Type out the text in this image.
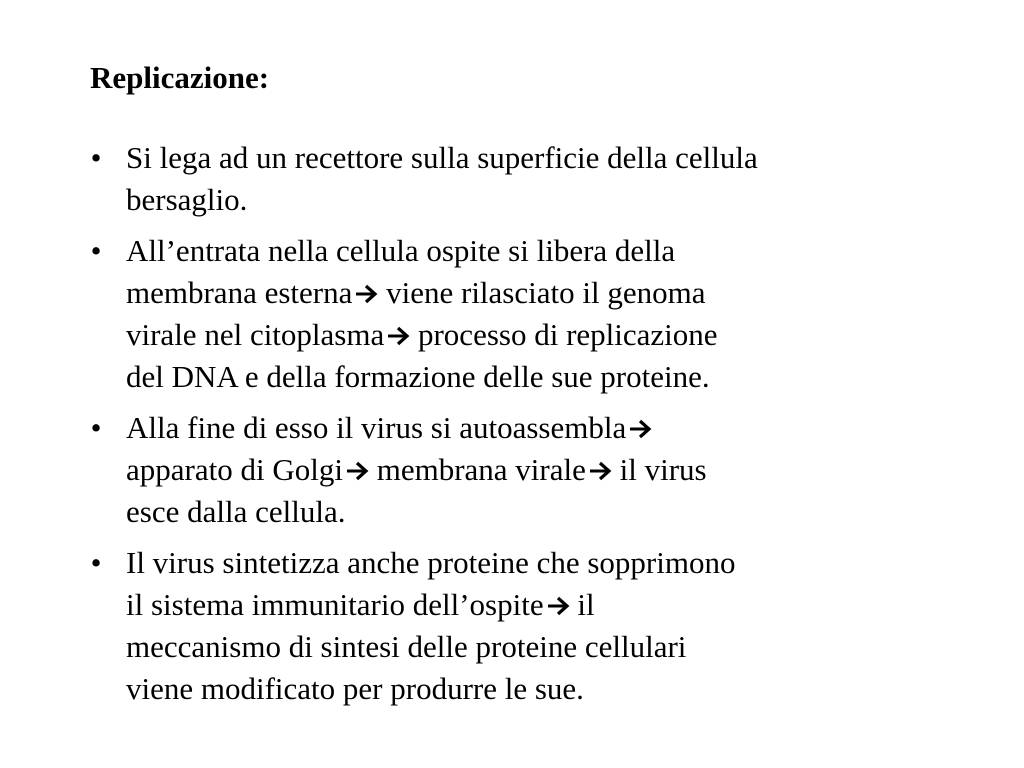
Replicazione:
• Si lega ad un recettore sulla superficie della cellula
bersaglio.
• All’entrata nella cellula ospite si libera della
membrana esterna
viene rilasciato il genoma
virale nel citoplasma
processo di replicazione
del DNA e della formazione delle sue proteine.
• Alla fine di esso il virus si autoassembla
apparato di Golgi
membrana virale
il virus
esce dalla cellula.
• Il virus sintetizza anche proteine che sopprimono
il sistema immunitario dell’ospite
il
meccanismo di sintesi delle proteine cellulari
viene modificato per produrre le sue.
